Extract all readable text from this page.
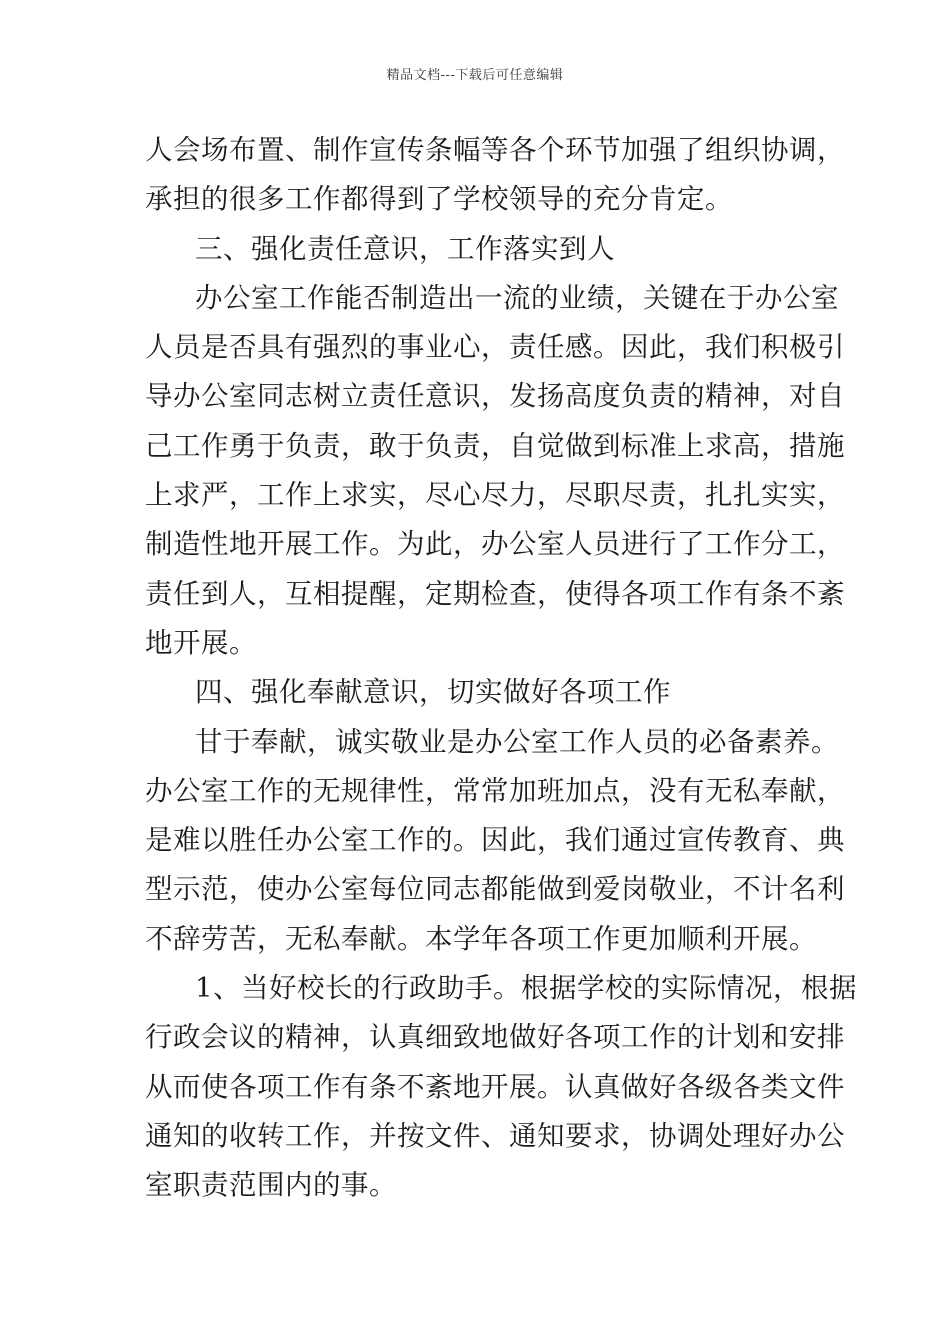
精品文档---下载后可任意编辑
人会场布置、制作宣传条幅等各个环节加强了组织协调，
承担的很多工作都得到了学校领导的充分肯定。
三、强化责任意识，工作落实到人
办公室工作能否制造出一流的业绩，关键在于办公室
人员是否具有强烈的事业心，责任感。因此，我们积极引
导办公室同志树立责任意识，发扬高度负责的精神，对自
己工作勇于负责，敢于负责，自觉做到标准上求高，措施
上求严，工作上求实，尽心尽力，尽职尽责，扎扎实实，
制造性地开展工作。为此，办公室人员进行了工作分工，
责任到人，互相提醒，定期检查，使得各项工作有条不紊
地开展。
四、强化奉献意识，切实做好各项工作
甘于奉献，诚实敬业是办公室工作人员的必备素养。
办公室工作的无规律性，常常加班加点，没有无私奉献，
是难以胜任办公室工作的。因此，我们通过宣传教育、典
型示范，使办公室每位同志都能做到爱岗敬业，不计名利
不辞劳苦，无私奉献。本学年各项工作更加顺利开展。
1、当好校长的行政助手。根据学校的实际情况，根据
行政会议的精神，认真细致地做好各项工作的计划和安排
从而使各项工作有条不紊地开展。认真做好各级各类文件
通知的收转工作，并按文件、通知要求，协调处理好办公
室职责范围内的事。
